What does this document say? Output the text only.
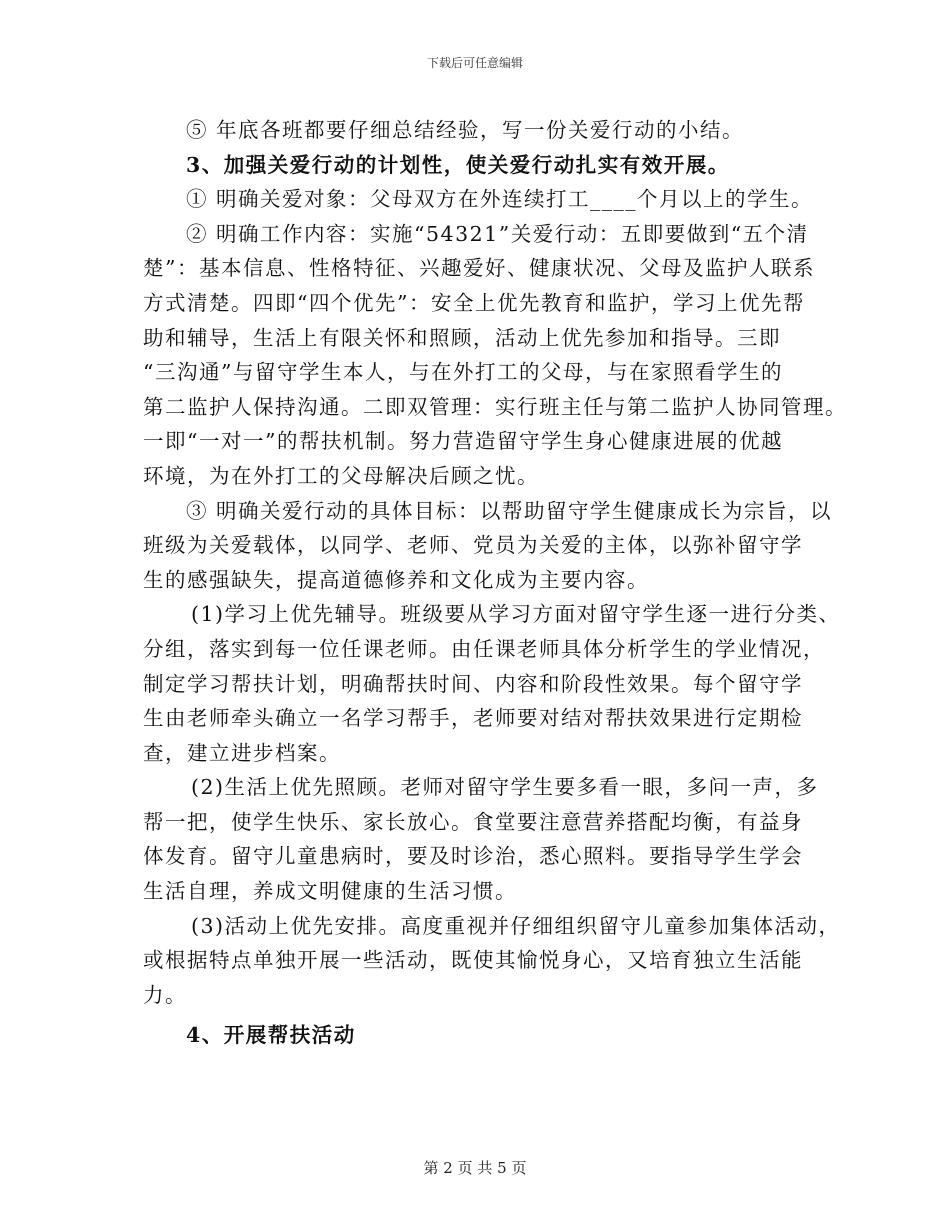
下载后可任意编辑
⑤ 年底各班都要仔细总结经验，写一份关爱行动的小结。
3、加强关爱行动的计划性，使关爱行动扎实有效开展。
① 明确关爱对象：父母双方在外连续打工____个月以上的学生。
② 明确工作内容：实施“54321”关爱行动：五即要做到“五个清
楚”：基本信息、性格特征、兴趣爱好、健康状况、父母及监护人联系
方式清楚。四即“四个优先”：安全上优先教育和监护，学习上优先帮
助和辅导，生活上有限关怀和照顾，活动上优先参加和指导。三即
“三沟通”与留守学生本人，与在外打工的父母，与在家照看学生的
第二监护人保持沟通。二即双管理：实行班主任与第二监护人协同管理。
一即“一对一”的帮扶机制。努力营造留守学生身心健康进展的优越
环境，为在外打工的父母解决后顾之忧。
③ 明确关爱行动的具体目标：以帮助留守学生健康成长为宗旨，以
班级为关爱载体，以同学、老师、党员为关爱的主体，以弥补留守学
生的感强缺失，提高道德修养和文化成为主要内容。
(1)学习上优先辅导。班级要从学习方面对留守学生逐一进行分类、
分组，落实到每一位任课老师。由任课老师具体分析学生的学业情况，
制定学习帮扶计划，明确帮扶时间、内容和阶段性效果。每个留守学
生由老师牵头确立一名学习帮手，老师要对结对帮扶效果进行定期检
查，建立进步档案。
(2)生活上优先照顾。老师对留守学生要多看一眼，多问一声，多
帮一把，使学生快乐、家长放心。食堂要注意营养搭配均衡，有益身
体发育。留守儿童患病时，要及时诊治，悉心照料。要指导学生学会
生活自理，养成文明健康的生活习惯。
(3)活动上优先安排。高度重视并仔细组织留守儿童参加集体活动，
或根据特点单独开展一些活动，既使其愉悦身心，又培育独立生活能
力。
4、开展帮扶活动
第 2 页 共 5 页
